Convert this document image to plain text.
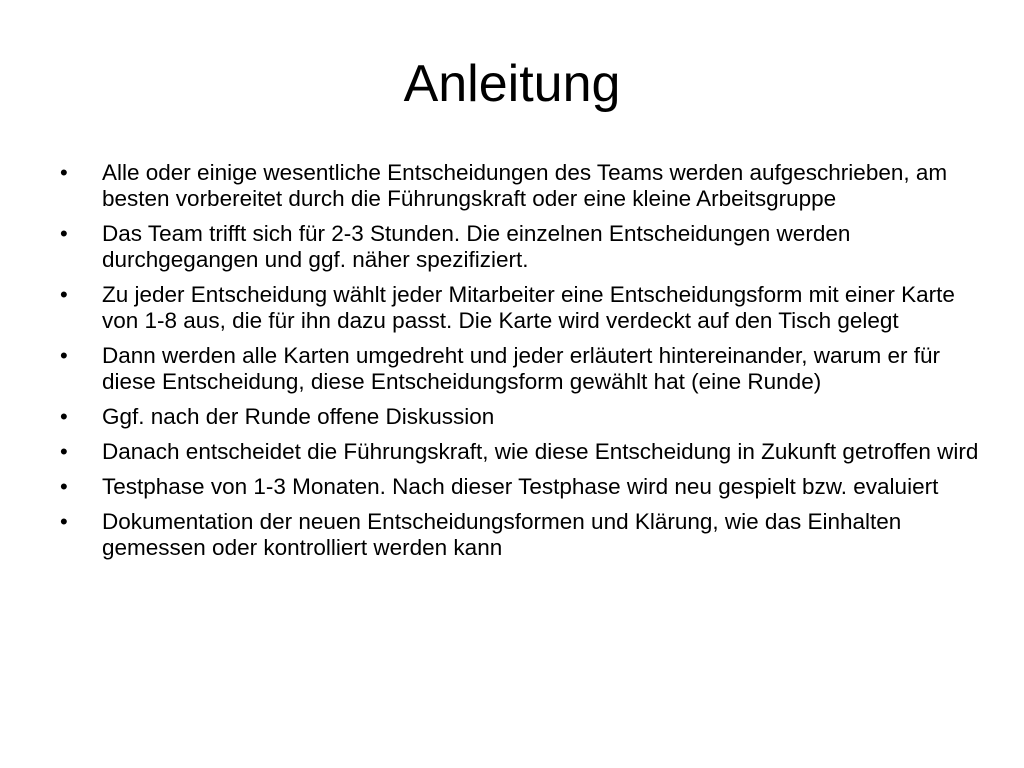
Anleitung
•	Alle oder einige wesentliche Entscheidungen des Teams werden aufgeschrieben, am besten vorbereitet durch die Führungskraft oder eine kleine Arbeitsgruppe
•	Das Team trifft sich für 2-3 Stunden. Die einzelnen Entscheidungen werden durchgegangen und ggf. näher spezifiziert.
•	Zu jeder Entscheidung wählt jeder Mitarbeiter eine Entscheidungsform mit einer Karte von 1-8 aus, die für ihn dazu passt. Die Karte wird verdeckt auf den Tisch gelegt
•	Dann werden alle Karten umgedreht und jeder erläutert hintereinander, warum er für diese Entscheidung, diese Entscheidungsform gewählt hat (eine Runde)
•	Ggf. nach der Runde offene Diskussion
•	Danach entscheidet die Führungskraft, wie diese Entscheidung in Zukunft getroffen wird
•	Testphase von 1-3 Monaten. Nach dieser Testphase wird neu gespielt bzw. evaluiert
•	Dokumentation der neuen Entscheidungsformen und Klärung, wie das Einhalten gemessen oder kontrolliert werden kann
